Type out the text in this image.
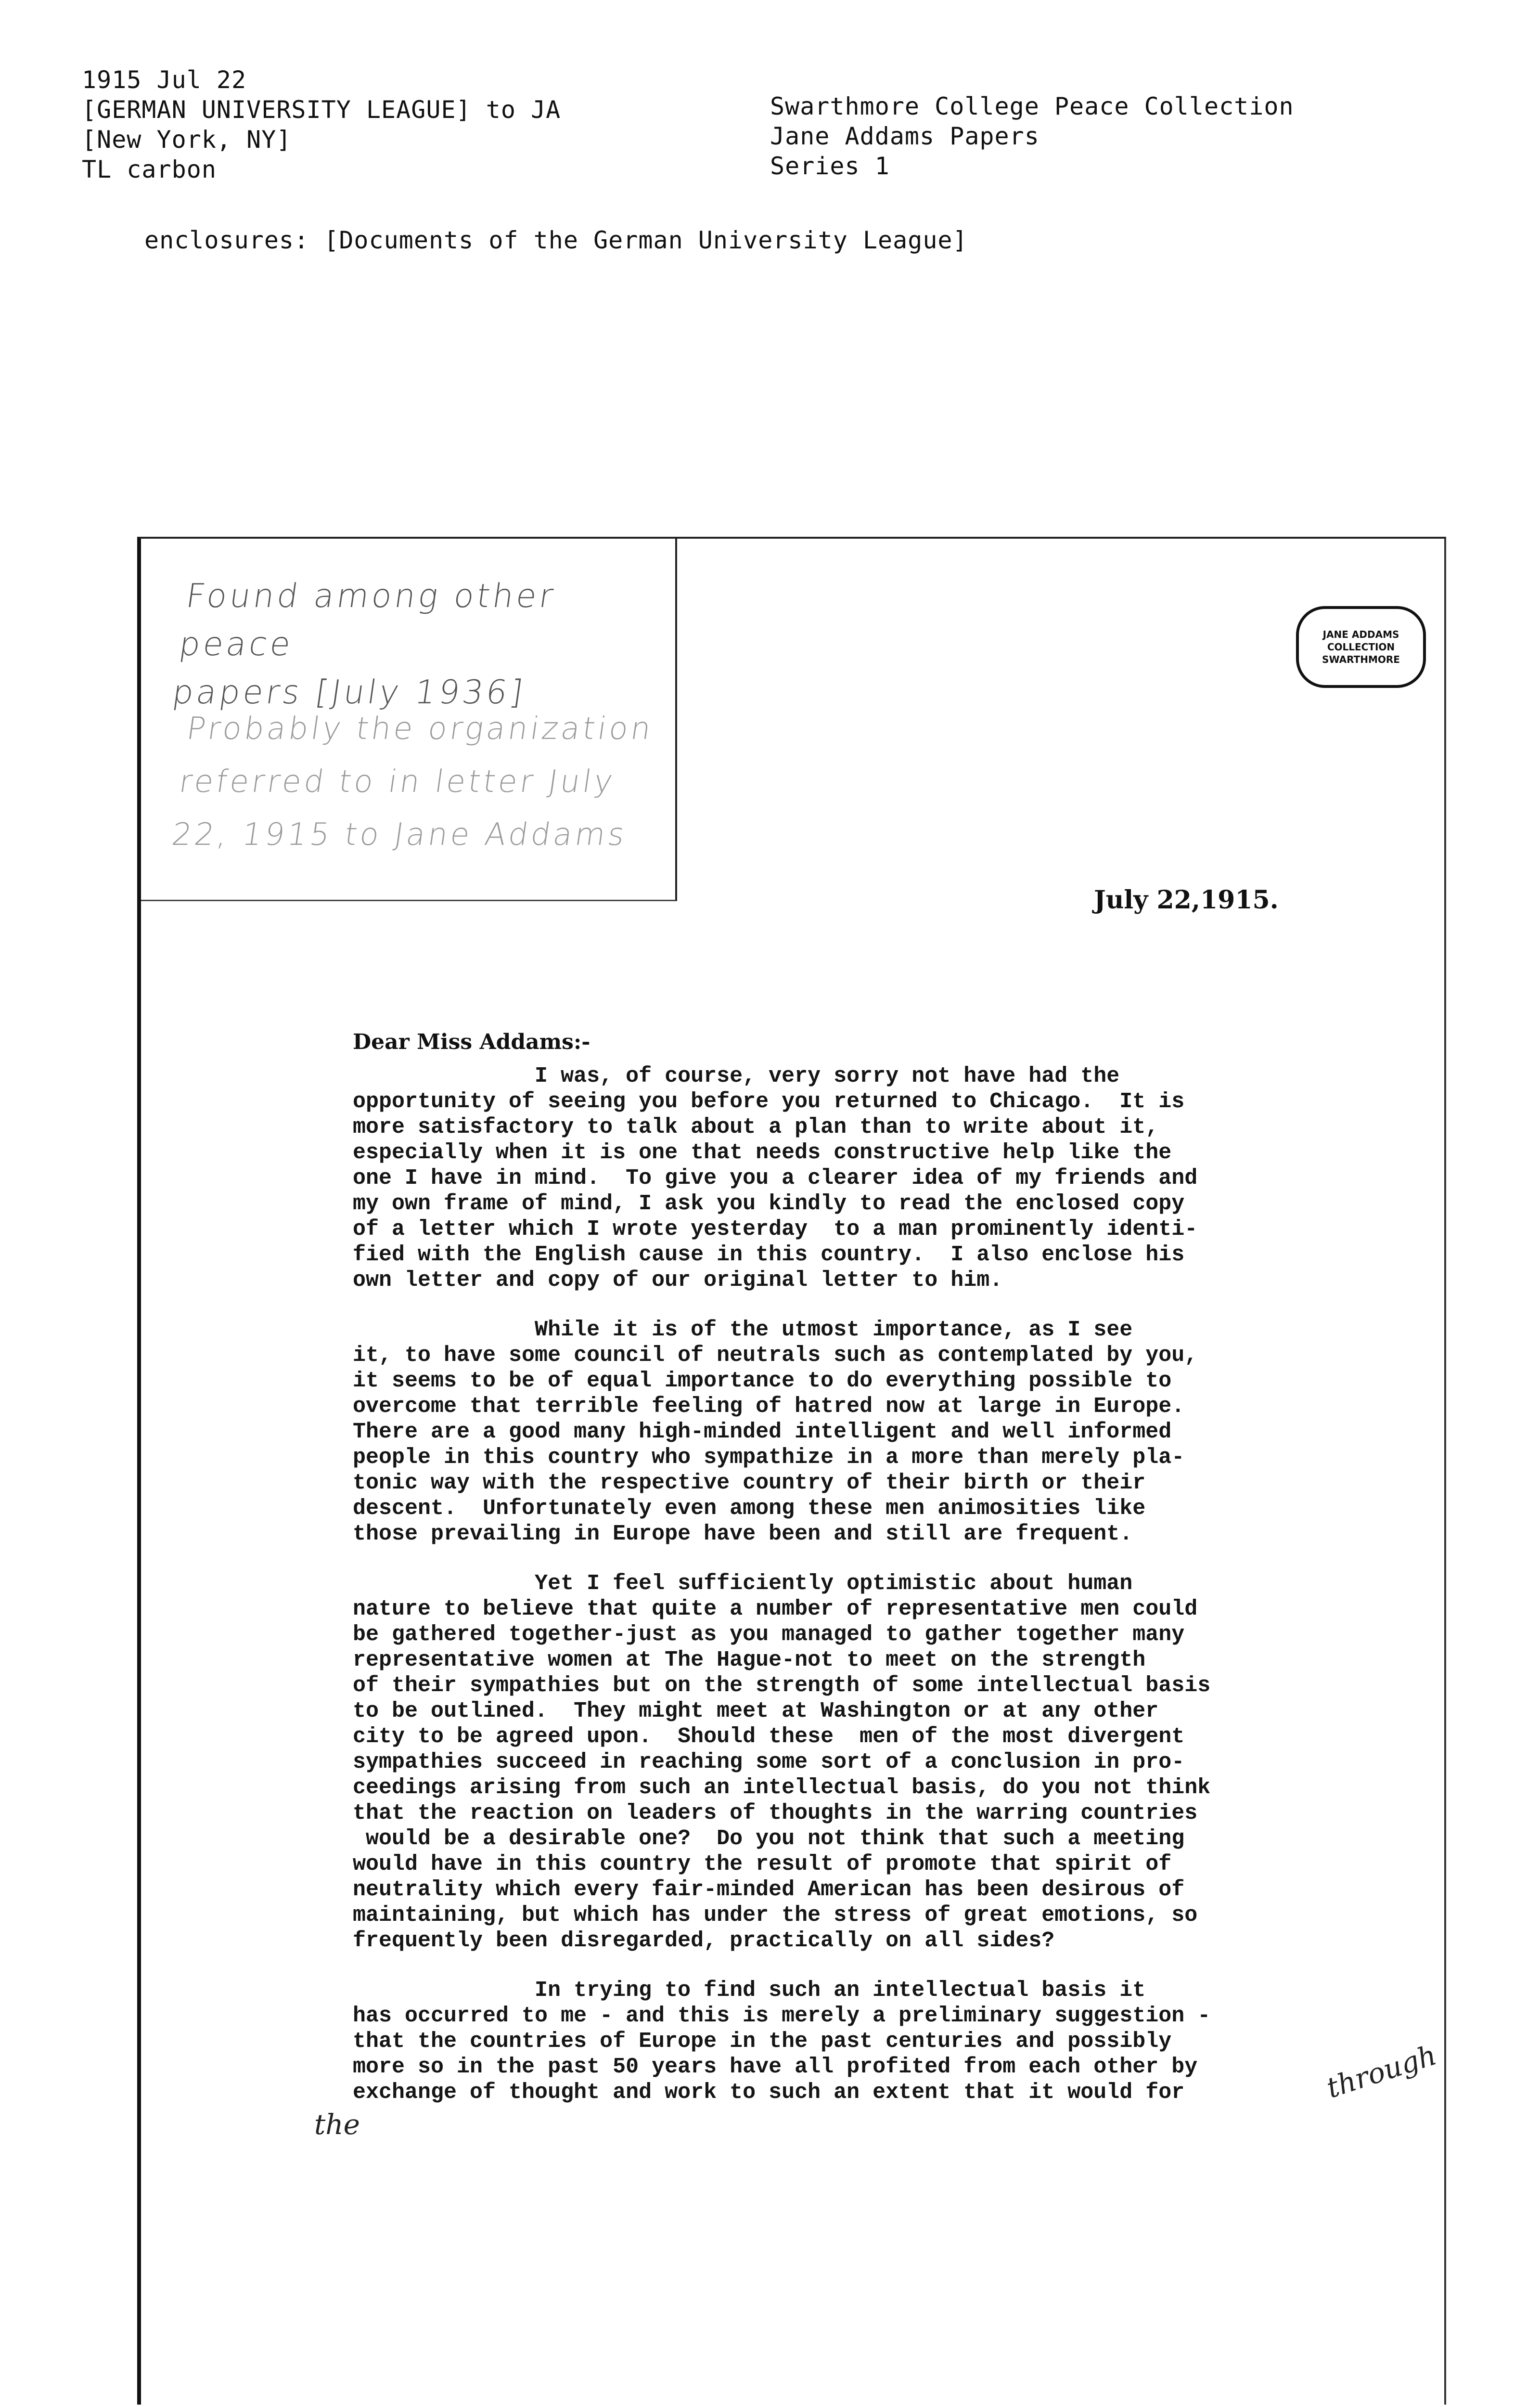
1915 Jul 22
[GERMAN UNIVERSITY LEAGUE] to JA
[New York, NY]
TL carbon
Swarthmore College Peace Collection
Jane Addams Papers
Series 1
enclosures: [Documents of the German University League]
Found among other peace
papers [July 1936]
Probably the organization
referred to in letter July
22, 1915 to Jane Addams
JANE ADDAMS
COLLECTION
SWARTHMORE
July 22,1915.
Dear Miss Addams:-

I was, of course, very sorry not have had the
opportunity of seeing you before you returned to Chicago.  It is
more satisfactory to talk about a plan than to write about it,
especially when it is one that needs constructive help like the
one I have in mind.  To give you a clearer idea of my friends and
my own frame of mind, I ask you kindly to read the enclosed copy
of a letter which I wrote yesterday  to a man prominently identi-
fied with the English cause in this country.  I also enclose his
own letter and copy of our original letter to him.

While it is of the utmost importance, as I see
it, to have some council of neutrals such as contemplated by you,
it seems to be of equal importance to do everything possible to
overcome that terrible feeling of hatred now at large in Europe.
There are a good many high-minded intelligent and well informed
people in this country who sympathize in a more than merely pla-
tonic way with the respective country of their birth or their
descent.  Unfortunately even among these men animosities like
those prevailing in Europe have been and still are frequent.

Yet I feel sufficiently optimistic about human
nature to believe that quite a number of representative men could
be gathered together-just as you managed to gather together many
representative women at The Hague-not to meet on the strength
of their sympathies but on the strength of some intellectual basis
to be outlined.  They might meet at Washington or at any other
city to be agreed upon.  Should these  men of the most divergent
sympathies succeed in reaching some sort of a conclusion in pro-
ceedings arising from such an intellectual basis, do you not think
that the reaction on leaders of thoughts in the warring countries
would be a desirable one?  Do you not think that such a meeting
would have in this country the result of promote that spirit of
neutrality which every fair-minded American has been desirous of
maintaining, but which has under the stress of great emotions, so
frequently been disregarded, practically on all sides?

In trying to find such an intellectual basis it
has occurred to me - and this is merely a preliminary suggestion -
that the countries of Europe in the past centuries and possibly
more so in the past 50 years have all profited from each other by
exchange of thought and work to such an extent that it would for	through
the
